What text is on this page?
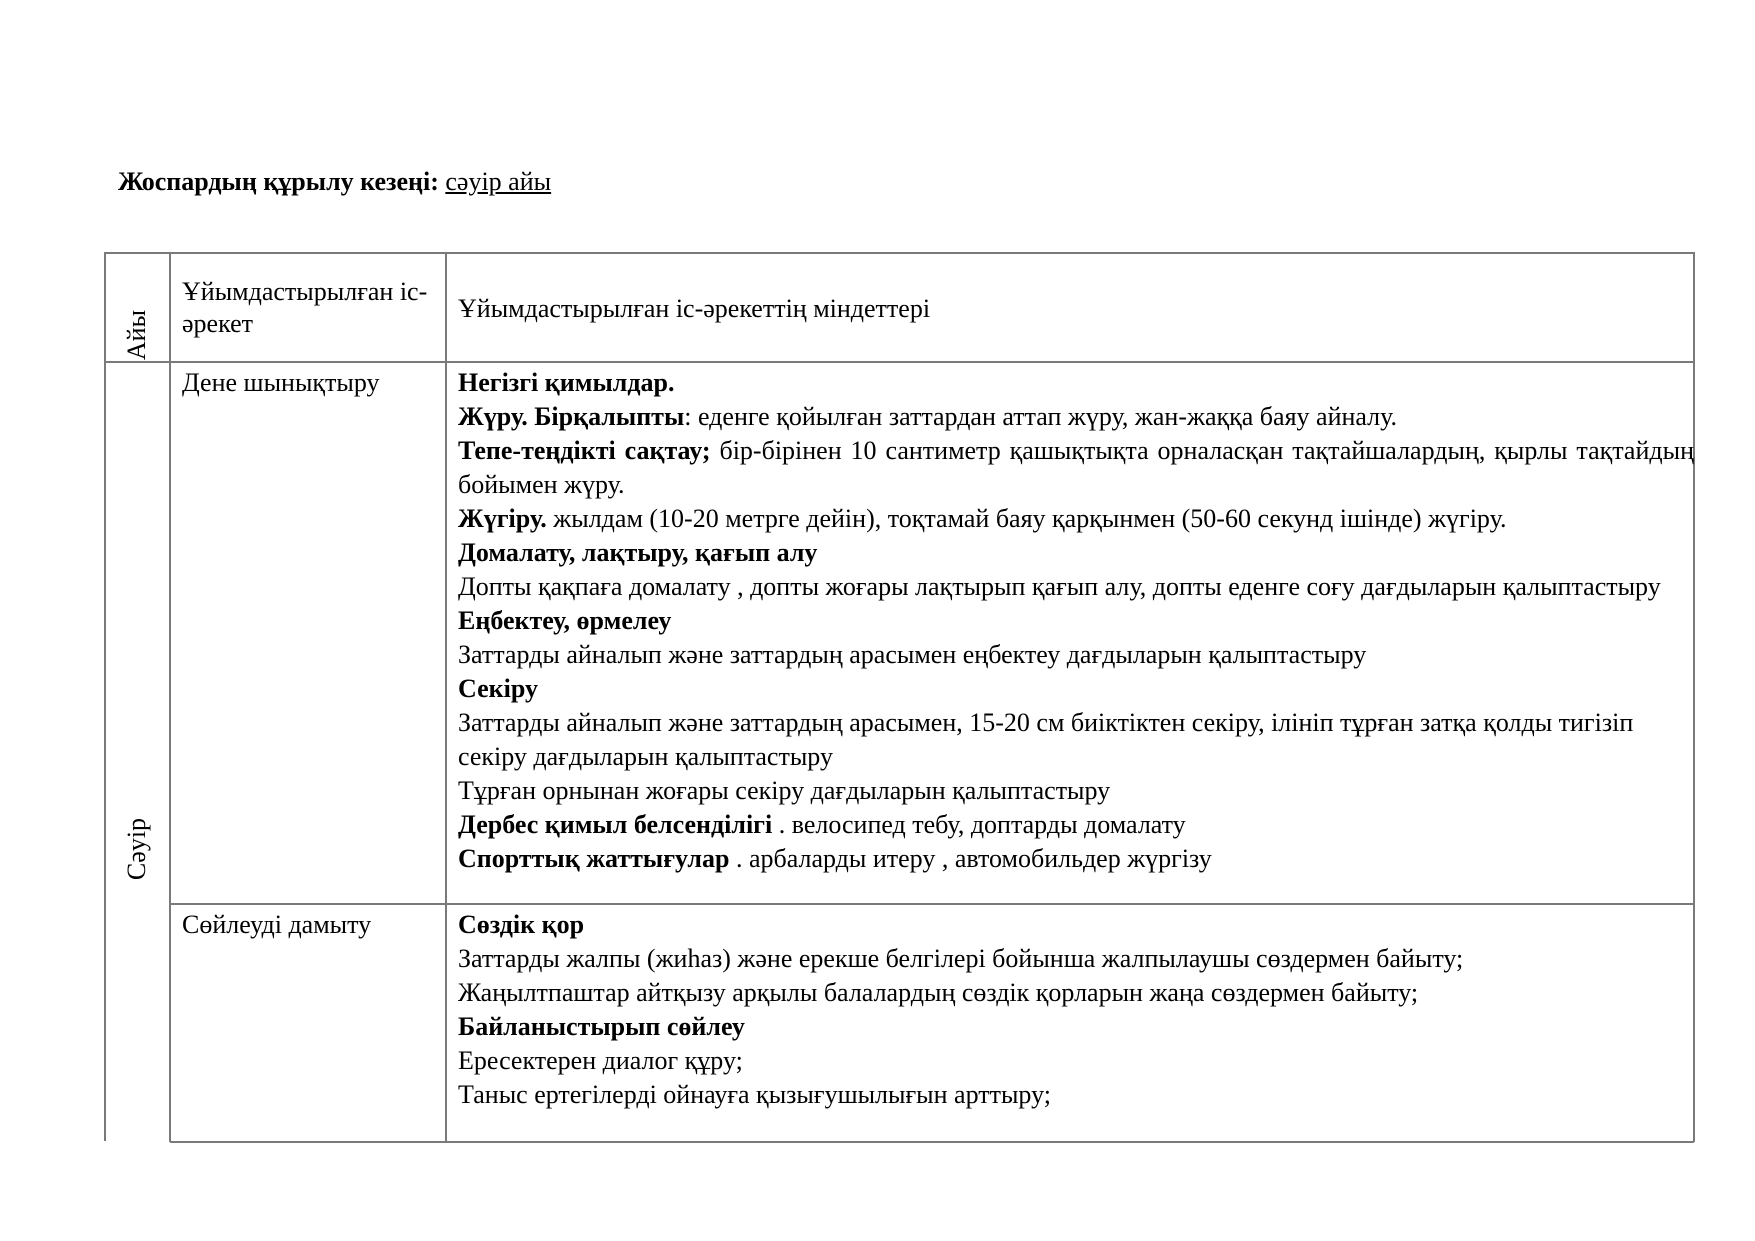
Жоспардың құрылу кезеңі: сәуір айы
Айы
Ұйымдастырылған іс-әрекет
Ұйымдастырылған іс-әрекеттің міндеттері
Сәуір
Дене шынықтыру	Негізгі қимылдар.

Жүру. Бірқалыпты: еденге қойылған заттардан аттап жүру, жан-жаққа баяу айналу.

Тепе-теңдікті сақтау; бір-бірінен 10 сантиметр қашықтықта орналасқан тақтайшалардың, қырлы тақтайдың бойымен жүру.

Жүгіру. жылдам (10-20 метрге дейін), тоқтамай баяу қарқынмен (50-60 секунд ішінде) жүгіру.

Домалату, лақтыру, қағып алу

Допты қақпаға домалату , допты жоғары лақтырып қағып алу, допты еденге соғу дағдыларын қалыптастыру

Еңбектеу, өрмелеу

Заттарды айналып және заттардың арасымен еңбектеу дағдыларын қалыптастыру

Секіру

Заттарды айналып және заттардың арасымен, 15-20 см биіктіктен секіру, ілініп тұрған затқа қолды тигізіп секіру дағдыларын қалыптастыру

Тұрған орнынан жоғары секіру дағдыларын қалыптастыру

Дербес қимыл белсенділігі . велосипед тебу, доптарды домалату

Спорттық жаттығулар . арбаларды итеру , автомобильдер жүргізу

Сөйлеуді дамыту	Сөздік қор

Заттарды жалпы (жиһаз) және ерекше белгілері бойынша жалпылаушы сөздермен байыту;

Жаңылтпаштар айтқызу арқылы балалардың сөздік қорларын жаңа сөздермен байыту;

Байланыстырып сөйлеу

Ересектерен диалог құру;

Таныс ертегілерді ойнауға қызығушылығын арттыру;
